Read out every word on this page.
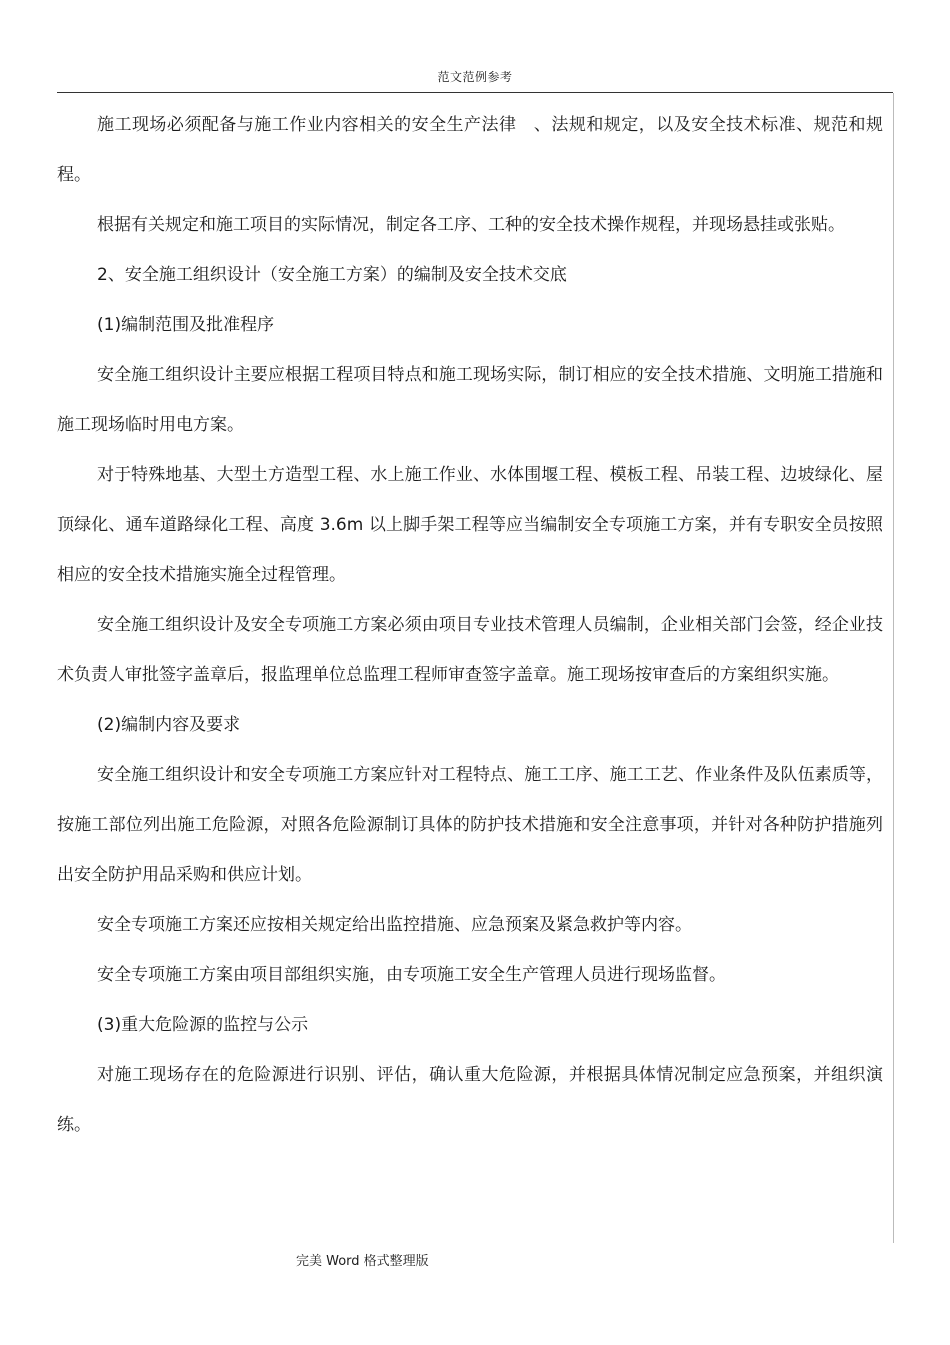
范文范例参考

施工现场必须配备与施工作业内容相关的安全生产法律　、法规和规定，以及安全技术标准、规范和规程。

根据有关规定和施工项目的实际情况，制定各工序、工种的安全技术操作规程，并现场悬挂或张贴。

2、安全施工组织设计（安全施工方案）的编制及安全技术交底

(1)编制范围及批准程序

安全施工组织设计主要应根据工程项目特点和施工现场实际，制订相应的安全技术措施、文明施工措施和施工现场临时用电方案。

对于特殊地基、大型土方造型工程、水上施工作业、水体围堰工程、模板工程、吊装工程、边坡绿化、屋顶绿化、通车道路绿化工程、高度 3.6m 以上脚手架工程等应当编制安全专项施工方案，并有专职安全员按照相应的安全技术措施实施全过程管理。

安全施工组织设计及安全专项施工方案必须由项目专业技术管理人员编制，企业相关部门会签，经企业技术负责人审批签字盖章后，报监理单位总监理工程师审查签字盖章。施工现场按审查后的方案组织实施。

(2)编制内容及要求

安全施工组织设计和安全专项施工方案应针对工程特点、施工工序、施工工艺、作业条件及队伍素质等，按施工部位列出施工危险源，对照各危险源制订具体的防护技术措施和安全注意事项，并针对各种防护措施列出安全防护用品采购和供应计划。

安全专项施工方案还应按相关规定给出监控措施、应急预案及紧急救护等内容。

安全专项施工方案由项目部组织实施，由专项施工安全生产管理人员进行现场监督。

(3)重大危险源的监控与公示

对施工现场存在的危险源进行识别、评估，确认重大危险源，并根据具体情况制定应急预案，并组织演练。

完美 Word 格式整理版
